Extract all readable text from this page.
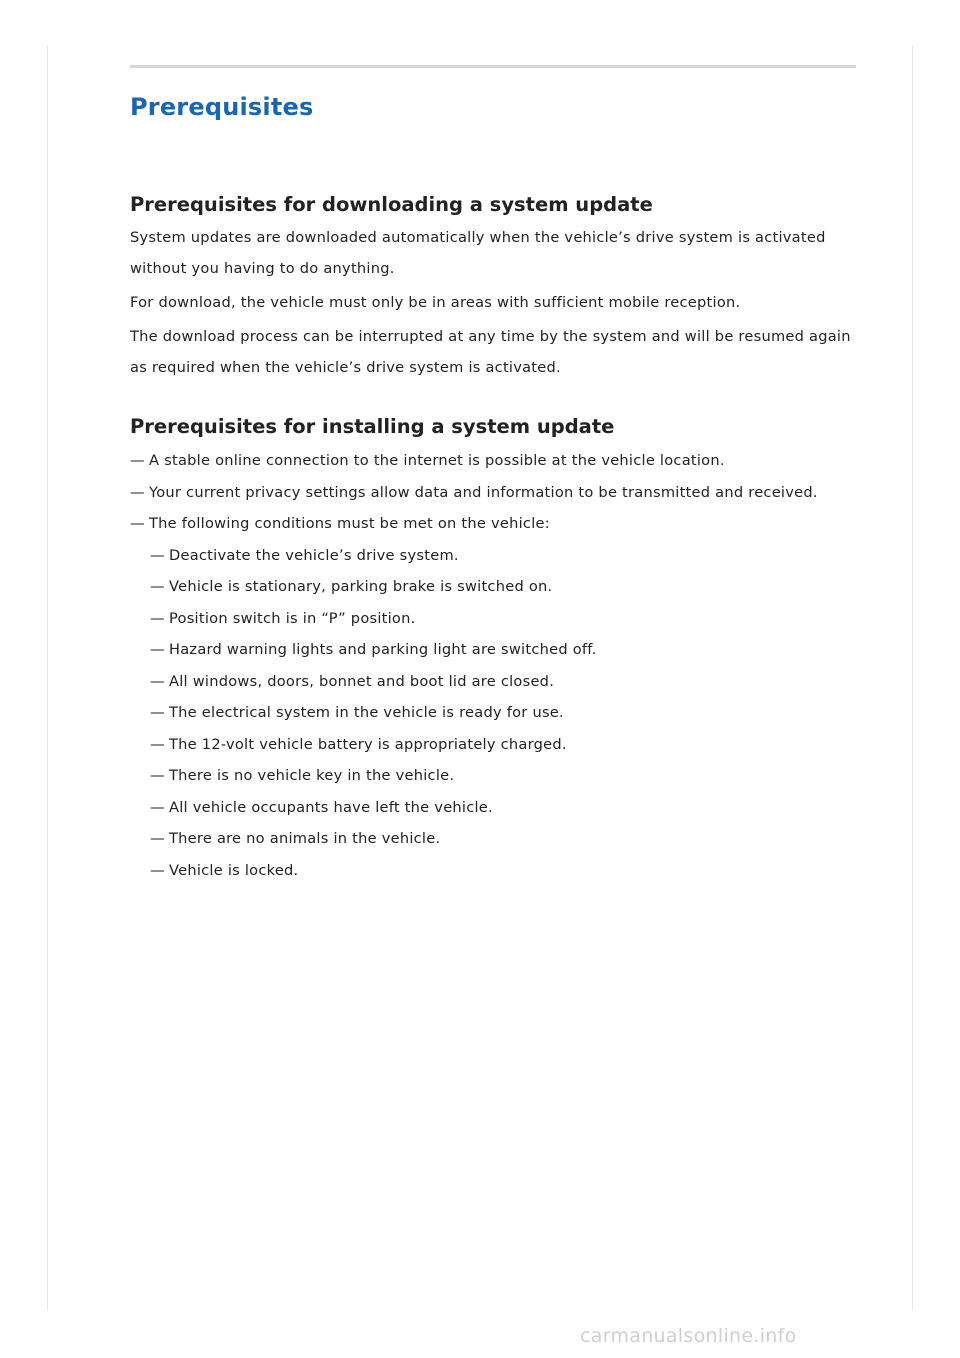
Prerequisites
Prerequisites for downloading a system update

System updates are downloaded automatically when the vehicle’s drive system is activated without you having to do anything.

For download, the vehicle must only be in areas with sufficient mobile reception.

The download process can be interrupted at any time by the system and will be resumed again as required when the vehicle’s drive system is activated.

Prerequisites for installing a system update
— A stable online connection to the internet is possible at the vehicle location.
— Your current privacy settings allow data and information to be transmitted and received.
— The following conditions must be met on the vehicle:
— Deactivate the vehicle’s drive system.
— Vehicle is stationary, parking brake is switched on.
— Position switch is in “P” position.
— Hazard warning lights and parking light are switched off.
— All windows, doors, bonnet and boot lid are closed.
— The electrical system in the vehicle is ready for use.
— The 12-volt vehicle battery is appropriately charged.
— There is no vehicle key in the vehicle.
— All vehicle occupants have left the vehicle.
— There are no animals in the vehicle.
— Vehicle is locked.
carmanualsonline.info
